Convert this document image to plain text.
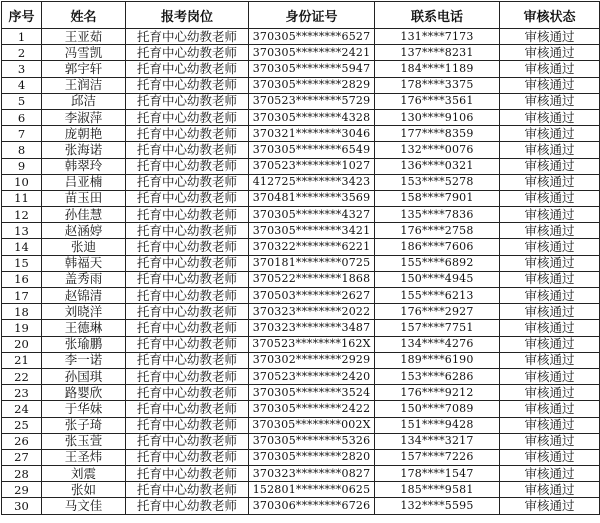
序号	姓名	报考岗位	身份证号	联系电话	审核状态
1	王亚茹	托育中心幼教老师	370305********6527	131****7173	审核通过
2	冯雪凯	托育中心幼教老师	370305********2421	137****8231	审核通过
3	郭宇轩	托育中心幼教老师	370305********5947	184****1189	审核通过
4	王润洁	托育中心幼教老师	370305********2829	178****3375	审核通过
5	邱洁	托育中心幼教老师	370523********5729	176****3561	审核通过
6	李淑萍	托育中心幼教老师	370305********4328	130****9106	审核通过
7	庞朝艳	托育中心幼教老师	370321********3046	177****8359	审核通过
8	张海诺	托育中心幼教老师	370305********6549	132****0076	审核通过
9	韩翠玲	托育中心幼教老师	370523********1027	136****0321	审核通过
10	吕亚楠	托育中心幼教老师	412725********3423	153****5278	审核通过
11	苗玉田	托育中心幼教老师	370481********3569	158****7901	审核通过
12	孙佳慧	托育中心幼教老师	370305********4327	135****7836	审核通过
13	赵涵婷	托育中心幼教老师	370305********3421	176****2758	审核通过
14	张迪	托育中心幼教老师	370322********6221	186****7606	审核通过
15	韩福天	托育中心幼教老师	370181********0725	155****6892	审核通过
16	盖秀雨	托育中心幼教老师	370522********1868	150****4945	审核通过
17	赵锦清	托育中心幼教老师	370503********2627	155****6213	审核通过
18	刘晓洋	托育中心幼教老师	370323********2022	176****2927	审核通过
19	王德琳	托育中心幼教老师	370323********3487	157****7751	审核通过
20	张瑜鹏	托育中心幼教老师	370523********162X	134****4276	审核通过
21	李一诺	托育中心幼教老师	370302********2929	189****6190	审核通过
22	孙国琪	托育中心幼教老师	370523********2420	153****6286	审核通过
23	路婴欣	托育中心幼教老师	370305********3524	176****9212	审核通过
24	于华妹	托育中心幼教老师	370305********2422	150****7089	审核通过
25	张子琦	托育中心幼教老师	370305********002X	151****9428	审核通过
26	张玉萱	托育中心幼教老师	370305********5326	134****3217	审核通过
27	王圣炜	托育中心幼教老师	370305********2820	157****7226	审核通过
28	刘震	托育中心幼教老师	370323********0827	178****1547	审核通过
29	张如	托育中心幼教老师	152801********0625	185****9581	审核通过
30	马文佳	托育中心幼教老师	370306********6726	132****5595	审核通过
